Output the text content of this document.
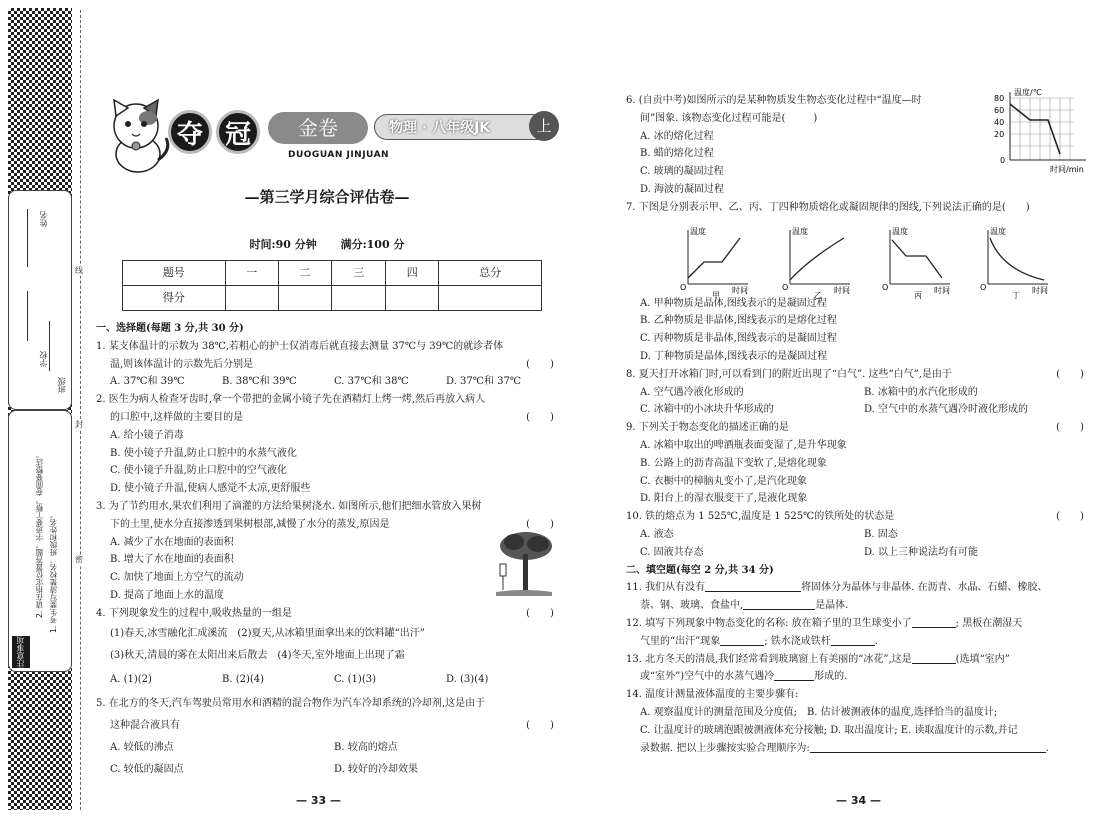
姓名
学校
班级
2. 请在指定位置答题，字迹要工整，卷面要整洁。 1. 考生要写清楚校名、班级和姓名。
注意事项
线
封
密
夺 冠	金卷	物理 · 八年级JK	上
DUOGUAN JINJUAN
—第三学月综合评估卷—
时间:90 分钟 满分:100 分
题号	一	二	三	四	总分
得分					
一、选择题(每题 3 分,共 30 分)
1. 某支体温计的示数为 38℃,若粗心的护士仅消毒后就直接去测量 37℃与 39℃的就诊者体
温,则该体温计的示数先后分别是	(　　)
A. 37℃和 39℃	B. 38℃和 39℃	C. 37℃和 38℃	D. 37℃和 37℃
2. 医生为病人检查牙齿时,拿一个带把的金属小镜子先在酒精灯上烤一烤,然后再放入病人
的口腔中,这样做的主要目的是	(　　)
A. 给小镜子消毒
B. 使小镜子升温,防止口腔中的水蒸气液化
C. 使小镜子升温,防止口腔中的空气液化
D. 使小镜子升温,使病人感觉不太凉,更舒服些
3. 为了节约用水,果农们利用了滴灌的方法给果树浇水. 如图所示,他们把细水管放入果树
下的土里,使水分直接渗透到果树根部,减慢了水分的蒸发,原因是	(　　)
A. 减少了水在地面的表面积
B. 增大了水在地面的表面积
C. 加快了地面上方空气的流动
D. 提高了地面上水的温度
4. 下列现象发生的过程中,吸收热量的一组是	(　　)
(1)春天,冰雪融化汇成溪流　(2)夏天,从冰箱里面拿出来的饮料罐“出汗”
(3)秋天,清晨的雾在太阳出来后散去　(4)冬天,室外地面上出现了霜
A. (1)(2)	B. (2)(4)	C. (1)(3)	D. (3)(4)
5. 在北方的冬天,汽车驾驶员常用水和酒精的混合物作为汽车冷却系统的冷却剂,这是由于
这种混合液具有	(　　)
A. 较低的沸点	B. 较高的熔点
C. 较低的凝固点	D. 较好的冷却效果
— 33 —
6. (自贡中考)如图所示的是某种物质发生物态变化过程中“温度—时
间”图象. 该物态变化过程可能是(	)
A. 冰的熔化过程
B. 蜡的熔化过程
C. 玻璃的凝固过程
D. 海波的凝固过程
7. 下图是分别表示甲、乙、丙、丁四种物质熔化或凝固规律的图线,下列说法正确的是(　　)
A. 甲种物质是晶体,图线表示的是凝固过程
B. 乙种物质是非晶体,图线表示的是熔化过程
C. 丙种物质是非晶体,图线表示的是凝固过程
D. 丁种物质是晶体,图线表示的是凝固过程
8. 夏天打开冰箱门时,可以看到门的附近出现了“白气”. 这些“白气”,是由于	(　　)
A. 空气遇冷液化形成的	B. 冰箱中的水汽化形成的
C. 冰箱中的小冰块升华形成的	D. 空气中的水蒸气遇冷时液化形成的
9. 下列关于物态变化的描述正确的是	(　　)
A. 冰箱中取出的啤酒瓶表面变湿了,是升华现象
B. 公路上的沥青高温下变软了,是熔化现象
C. 衣橱中的樟脑丸变小了,是汽化现象
D. 阳台上的湿衣服变干了,是液化现象
10. 铁的熔点为 1 525℃,温度是 1 525℃的铁所处的状态是	(　　)
A. 液态	B. 固态
C. 固液共存态	D. 以上三种说法均有可能
二、填空题(每空 2 分,共 34 分)
11. 我们从有没有	将固体分为晶体与非晶体. 在沥青、水晶、石蜡、橡胶、
萘、钢、玻璃、食盐中,	是晶体.
12. 填写下列现象中物态变化的名称: 放在箱子里的卫生球变小了	; 黑板在潮湿天
气里的“出汗”现象	; 铁水浇成铁杆	.
13. 北方冬天的清晨,我们经常看到玻璃窗上有美丽的“冰花”,这是	(选填“室内”
或“室外”)空气中的水蒸气遇冷	形成的.
14. 温度计测量液体温度的主要步骤有:
A. 观察温度计的测量范围及分度值;　B. 估计被测液体的温度,选择恰当的温度计;
C. 让温度计的玻璃泡跟被测液体充分接触; D. 取出温度计; E. 读取温度计的示数,并记
录数据. 把以上步骤按实验合理顺序为:	.
温度/℃
80
60
40
20
0
时间/min
温度
O	时间
甲
温度
O	时间
乙
温度
O	时间
丙
温度
O	时间
丁
— 34 —
